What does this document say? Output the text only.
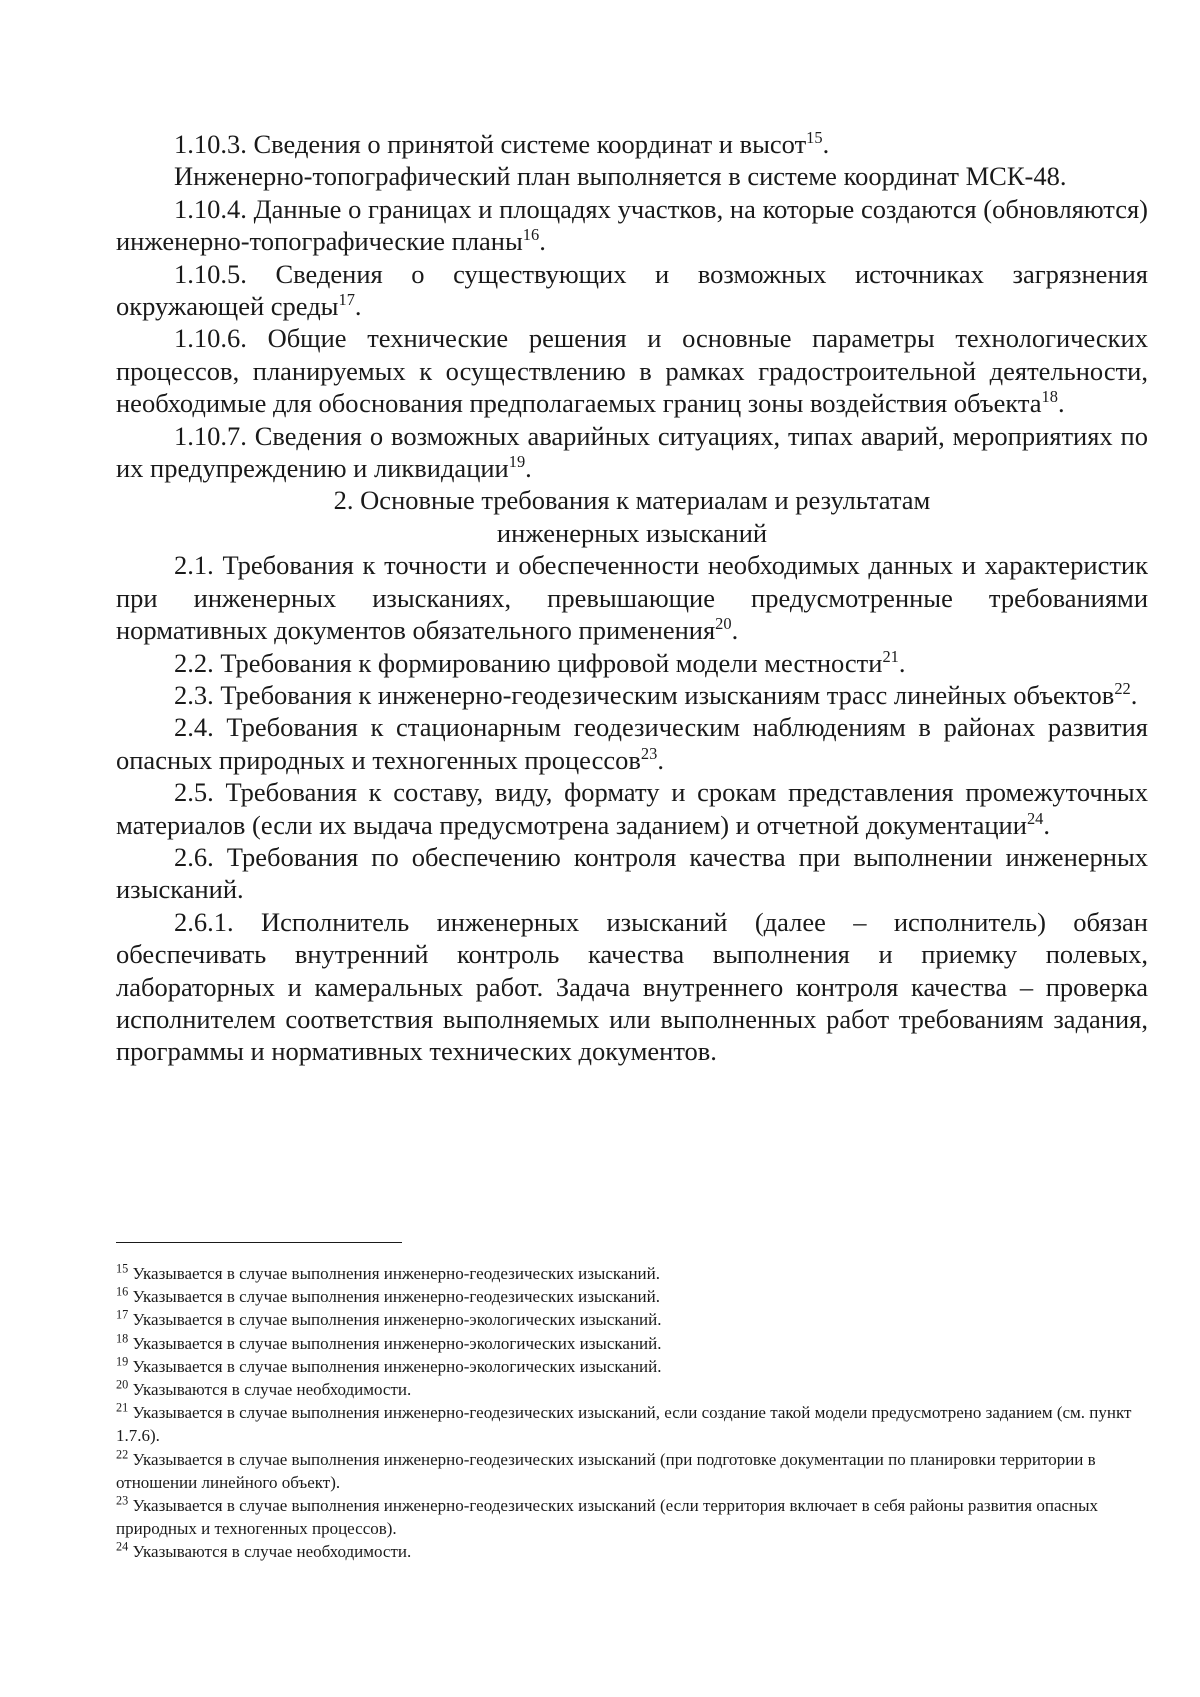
1.10.3. Сведения о принятой системе координат и высот$^{15}$.

Инженерно-топографический план выполняется в системе координат МСК-48.

1.10.4. Данные о границах и площадях участков, на которые создаются (обновляются) инженерно-топографические планы$^{16}$.

1.10.5. Сведения о существующих и возможных источниках загрязнения окружающей среды$^{17}$.

1.10.6. Общие технические решения и основные параметры технологических процессов, планируемых к осуществлению в рамках градостроительной деятельности, необходимые для обоснования предполагаемых границ зоны воздействия объекта$^{18}$.

1.10.7. Сведения о возможных аварийных ситуациях, типах аварий, мероприятиях по их предупреждению и ликвидации$^{19}$.

2. Основные требования к материалам и результатам
инженерных изысканий

2.1. Требования к точности и обеспеченности необходимых данных и характеристик при инженерных изысканиях, превышающие предусмотренные требованиями нормативных документов обязательного применения$^{20}$.

2.2. Требования к формированию цифровой модели местности$^{21}$.

2.3. Требования к инженерно-геодезическим изысканиям трасс линейных объектов$^{22}$.

2.4. Требования к стационарным геодезическим наблюдениям в районах развития опасных природных и техногенных процессов$^{23}$.

2.5. Требования к составу, виду, формату и срокам представления промежуточных материалов (если их выдача предусмотрена заданием) и отчетной документации$^{24}$.

2.6. Требования по обеспечению контроля качества при выполнении инженерных изысканий.

2.6.1. Исполнитель инженерных изысканий (далее – исполнитель) обязан обеспечивать внутренний контроль качества выполнения и приемку полевых, лабораторных и камеральных работ. Задача внутреннего контроля качества – проверка исполнителем соответствия выполняемых или выполненных работ требованиям задания, программы и нормативных технических документов.

$^{15}$ Указывается в случае выполнения инженерно-геодезических изысканий.

$^{16}$ Указывается в случае выполнения инженерно-геодезических изысканий.

$^{17}$ Указывается в случае выполнения инженерно-экологических изысканий.

$^{18}$ Указывается в случае выполнения инженерно-экологических изысканий.

$^{19}$ Указывается в случае выполнения инженерно-экологических изысканий.

$^{20}$ Указываются в случае необходимости.

$^{21}$ Указывается в случае выполнения инженерно-геодезических изысканий, если создание такой модели предусмотрено заданием (см. пункт 1.7.6).

$^{22}$ Указывается в случае выполнения инженерно-геодезических изысканий (при подготовке документации по планировки территории в отношении линейного объект).

$^{23}$ Указывается в случае выполнения инженерно-геодезических изысканий (если территория включает в себя районы развития опасных природных и техногенных процессов).

$^{24}$ Указываются в случае необходимости.
